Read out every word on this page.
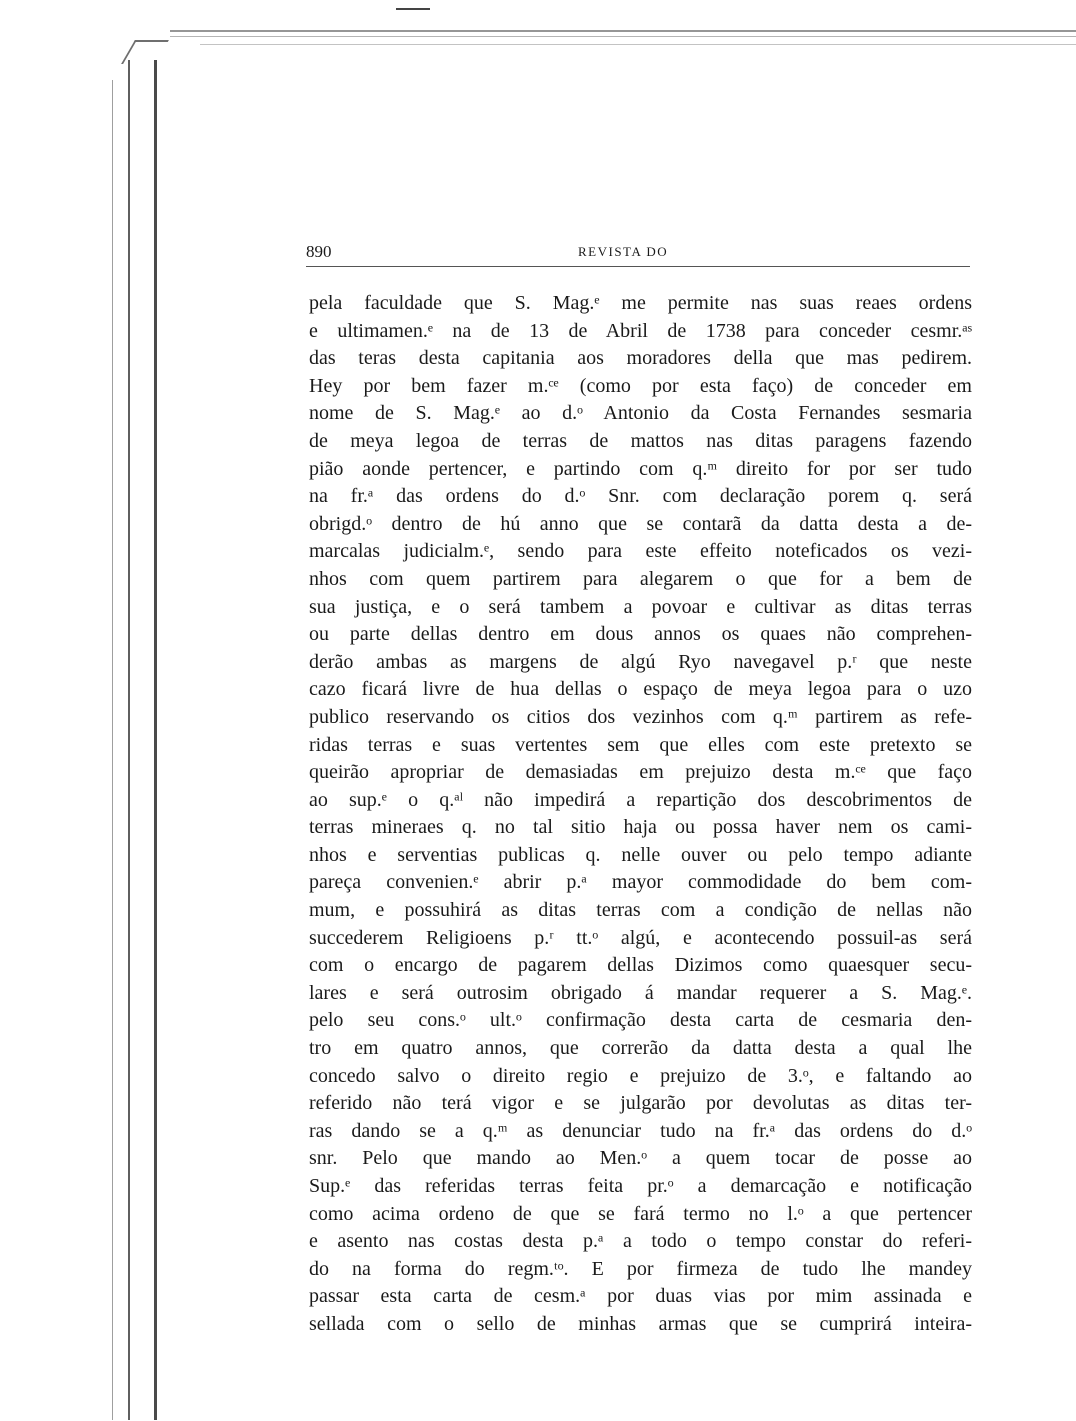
890	REVISTA DO
pela faculdade que S. Mag.ᵉ me permite nas suas reaes ordens
e ultimamen.ᵉ na de 13 de Abril de 1738 para conceder cesmr.ᵃˢ
das teras desta capitania aos moradores della que mas pedirem.
Hey por bem fazer m.ᶜᵉ (como por esta faço) de conceder em
nome de S. Mag.ᵉ ao d.ᵒ Antonio da Costa Fernandes sesmaria
de meya legoa de terras de mattos nas ditas paragens fazendo
pião aonde pertencer, e partindo com q.ᵐ direito for por ser tudo
na fr.ᵃ das ordens do d.ᵒ Snr. com declaração porem q. será
obrigd.ᵒ dentro de hú anno que se contarã da datta desta a de-
marcalas judicialm.ᵉ, sendo para este effeito noteficados os vezi-
nhos com quem partirem para alegarem o que for a bem de
sua justiça, e o será tambem a povoar e cultivar as ditas terras
ou parte dellas dentro em dous annos os quaes não comprehen-
derão ambas as margens de algú Ryo navegavel p.ʳ que neste
cazo ficará livre de hua dellas o espaço de meya legoa para o uzo
publico reservando os citios dos vezinhos com q.ᵐ partirem as refe-
ridas terras e suas vertentes sem que elles com este pretexto se
queirão apropriar de demasiadas em prejuizo desta m.ᶜᵉ que faço
ao sup.ᵉ o q.ᵃˡ não impedirá a repartição dos descobrimentos de
terras mineraes q. no tal sitio haja ou possa haver nem os cami-
nhos e serventias publicas q. nelle ouver ou pelo tempo adiante
pareça convenien.ᵉ abrir p.ᵃ mayor commodidade do bem com-
mum, e possuhirá as ditas terras com a condição de nellas não
succederem Religioens p.ʳ tt.ᵒ algú, e acontecendo possuil-as será
com o encargo de pagarem dellas Dizimos como quaesquer secu-
lares e será outrosim obrigado á mandar requerer a S. Mag.ᵉ.
pelo seu cons.ᵒ ult.ᵒ confirmação desta carta de cesmaria den-
tro em quatro annos, que correrão da datta desta a qual lhe
concedo salvo o direito regio e prejuizo de 3.ᵒ, e faltando ao
referido não terá vigor e se julgarão por devolutas as ditas ter-
ras dando se a q.ᵐ as denunciar tudo na fr.ᵃ das ordens do d.ᵒ
snr. Pelo que mando ao Men.ᵒ a quem tocar de posse ao
Sup.ᵉ das referidas terras feita pr.ᵒ a demarcação e notificação
como acima ordeno de que se fará termo no l.ᵒ a que pertencer
e asento nas costas desta p.ᵃ a todo o tempo constar do referi-
do na forma do regm.ᵗᵒ. E por firmeza de tudo lhe mandey
passar esta carta de cesm.ᵃ por duas vias por mim assinada e
sellada com o sello de minhas armas que se cumprirá inteira-
